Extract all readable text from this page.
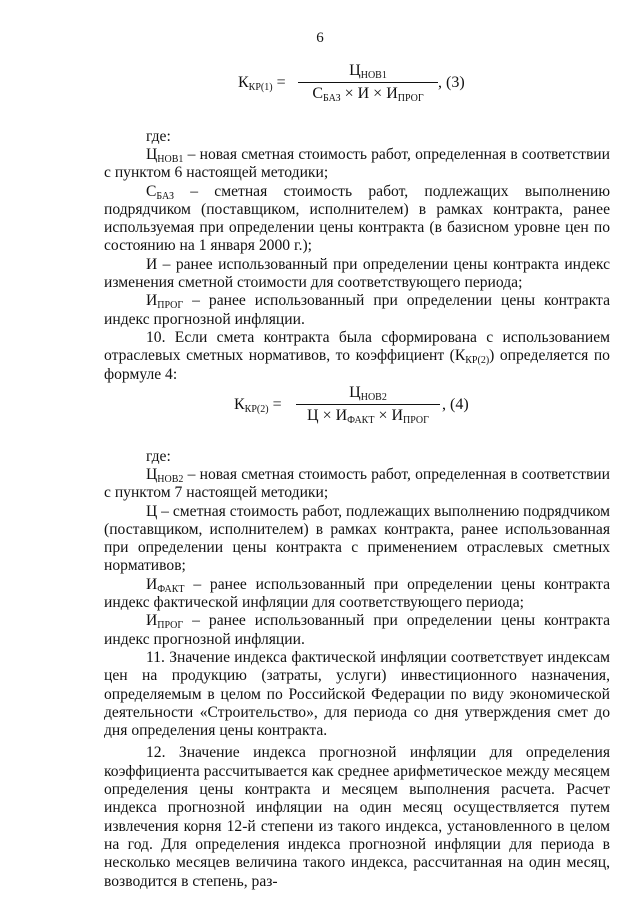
6
$К_{КР(1)}$ =
$Ц_{НОВ1}$
$С_{БАЗ} \times И \times И_{ПРОГ}$
, (3)
где:

$Ц_{НОВ1}$ – новая сметная стоимость работ, определенная в соответствии с пунктом 6 настоящей методики;

$С_{БАЗ}$ – сметная стоимость работ, подлежащих выполнению подрядчиком (поставщиком, исполнителем) в рамках контракта, ранее используемая при определении цены контракта (в базисном уровне цен по состоянию на 1 января 2000 г.);

И – ранее использованный при определении цены контракта индекс изменения сметной стоимости для соответствующего периода;

$И_{ПРОГ}$ – ранее использованный при определении цены контракта индекс прогнозной инфляции.

10. Если смета контракта была сформирована с использованием отраслевых сметных нормативов, то коэффициент $(К_{КР(2)})$ определяется по формуле 4:

$К_{КР(2)}$ =
$Ц_{НОВ2}$
$Ц \times И_{ФАКТ} \times И_{ПРОГ}$
, (4)
где:

$Ц_{НОВ2}$ – новая сметная стоимость работ, определенная в соответствии с пунктом 7 настоящей методики;

Ц – сметная стоимость работ, подлежащих выполнению подрядчиком (поставщиком, исполнителем) в рамках контракта, ранее использованная при определении цены контракта с применением отраслевых сметных нормативов;

$И_{ФАКТ}$ – ранее использованный при определении цены контракта индекс фактической инфляции для соответствующего периода;

$И_{ПРОГ}$ – ранее использованный при определении цены контракта индекс прогнозной инфляции.

11. Значение индекса фактической инфляции соответствует индексам цен на продукцию (затраты, услуги) инвестиционного назначения, определяемым в целом по Российской Федерации по виду экономической деятельности «Строительство», для периода со дня утверждения смет до дня определения цены контракта.

12. Значение индекса прогнозной инфляции для определения коэффициента рассчитывается как среднее арифметическое между месяцем определения цены контракта и месяцем выполнения расчета. Расчет индекса прогнозной инфляции на один месяц осуществляется путем извлечения корня 12-й степени из такого индекса, установленного в целом на год. Для определения индекса прогнозной инфляции для периода в несколько месяцев величина такого индекса, рассчитанная на один месяц, возводится в степень, раз-
